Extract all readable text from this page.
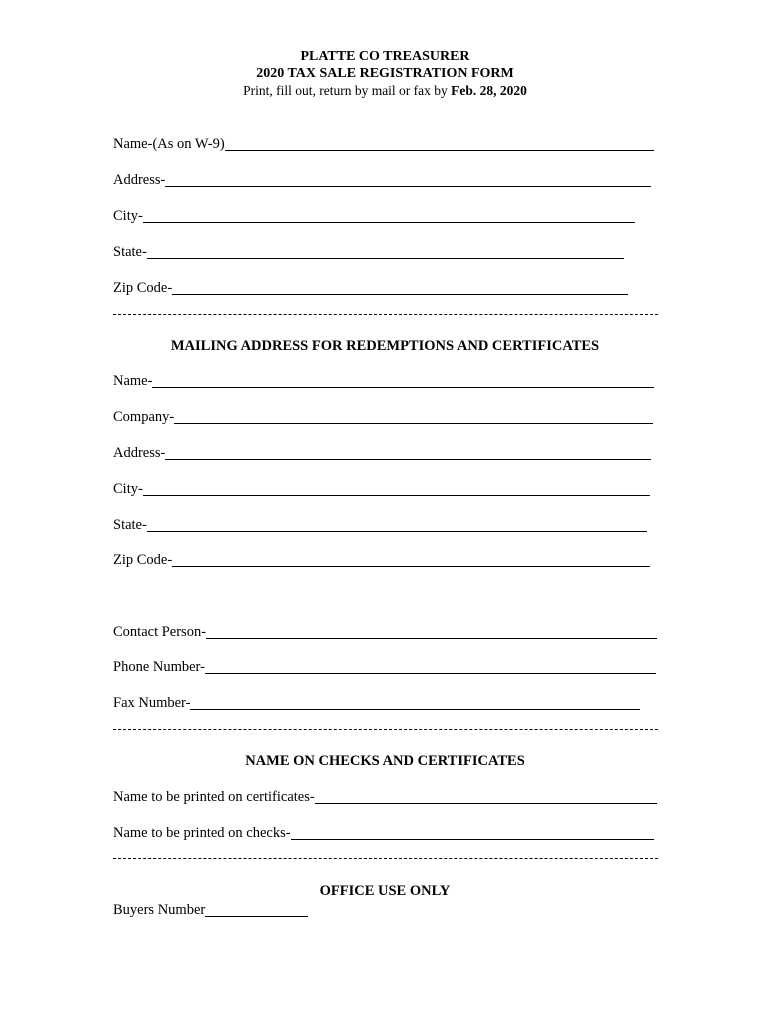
PLATTE CO TREASURER
2020 TAX SALE REGISTRATION FORM
Print, fill out, return by mail or fax by Feb. 28, 2020
Name-(As on W-9)
Address-
City-
State-
Zip Code-
MAILING ADDRESS FOR REDEMPTIONS AND CERTIFICATES
Name-
Company-
Address-
City-
State-
Zip Code-
Contact Person-
Phone Number-
Fax Number-
NAME ON CHECKS AND CERTIFICATES
Name to be printed on certificates-
Name to be printed on checks-
OFFICE USE ONLY
Buyers Number
